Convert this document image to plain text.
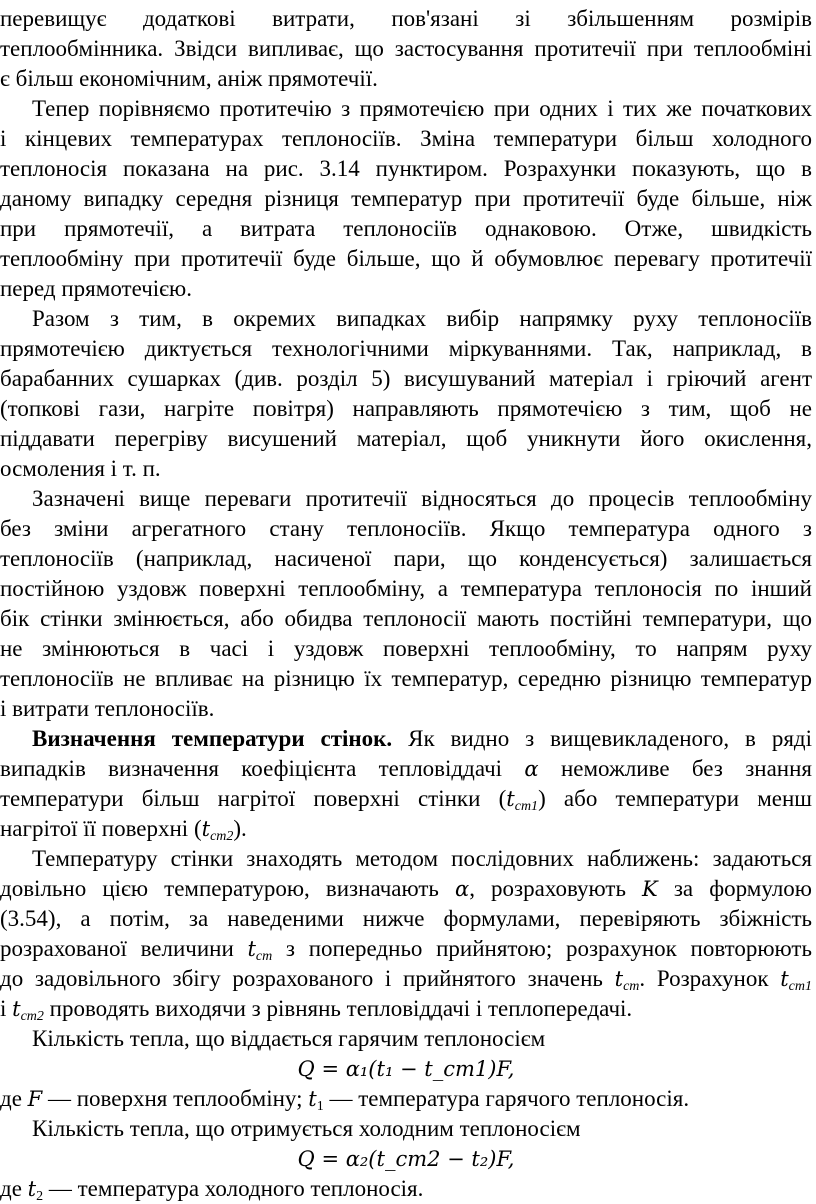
перевищує додаткові витрати, пов'язані зі збільшенням розмірів
теплообмінника. Звідси випливає, що застосування протитечії при теплообміні
є більш економічним, аніж прямотечії.
Тепер порівняємо протитечію з прямотечією при одних і тих же початкових
і кінцевих температурах теплоносіїв. Зміна температури більш холодного
теплоносія показана на рис. 3.14 пунктиром. Розрахунки показують, що в
даному випадку середня різниця температур при протитечії буде більше, ніж
при прямотечії, а витрата теплоносіїв однаковою. Отже, швидкість
теплообміну при протитечії буде більше, що й обумовлює перевагу протитечії
перед прямотечією.
Разом з тим, в окремих випадках вибір напрямку руху теплоносіїв
прямотечією диктується технологічними міркуваннями. Так, наприклад, в
барабанних сушарках (див. розділ 5) висушуваний матеріал і гріючий агент
(топкові гази, нагріте повітря) направляють прямотечією з тим, щоб не
піддавати перегріву висушений матеріал, щоб уникнути його окислення,
осмоления і т. п.
Зазначені вище переваги протитечії відносяться до процесів теплообміну
без зміни агрегатного стану теплоносіїв. Якщо температура одного з
теплоносіїв (наприклад, насиченої пари, що конденсується) залишається
постійною уздовж поверхні теплообміну, а температура теплоносія по інший
бік стінки змінюється, або обидва теплоносії мають постійні температури, що
не змінюються в часі і уздовж поверхні теплообміну, то напрям руху
теплоносіїв не впливає на різницю їх температур, середню різницю температур
і витрати теплоносіїв.
Визначення температури стінок. Як видно з вищевикладеного, в ряді
випадків визначення коефіцієнта тепловіддачі α неможливе без знання
температури більш нагрітої поверхні стінки $(t_{cm1})$ або температури менш
нагрітої її поверхні $(t_{cm2})$.
Температуру стінки знаходять методом послідовних наближень: задаються
довільно цією температурою, визначають α, розраховують K за формулою
(3.54), а потім, за наведеними нижче формулами, перевіряють збіжність
розрахованої величини $t_{cm}$ з попередньо прийнятою; розрахунок повторюють
до задовільного збігу розрахованого і прийнятого значень $t_{cm}$. Розрахунок $t_{cm1}$
і $t_{cm2}$ проводять виходячи з рівнянь тепловіддачі і теплопередачі.
Кількість тепла, що віддається гарячим теплоносієм
Q = α₁(t₁ − t_cm1)F,
де F — поверхня теплообміну; $t_1$ — температура гарячого теплоносія.
Кількість тепла, що отримується холодним теплоносієм
Q = α₂(t_cm2 − t₂)F,
де $t_2$ — температура холодного теплоносія.
